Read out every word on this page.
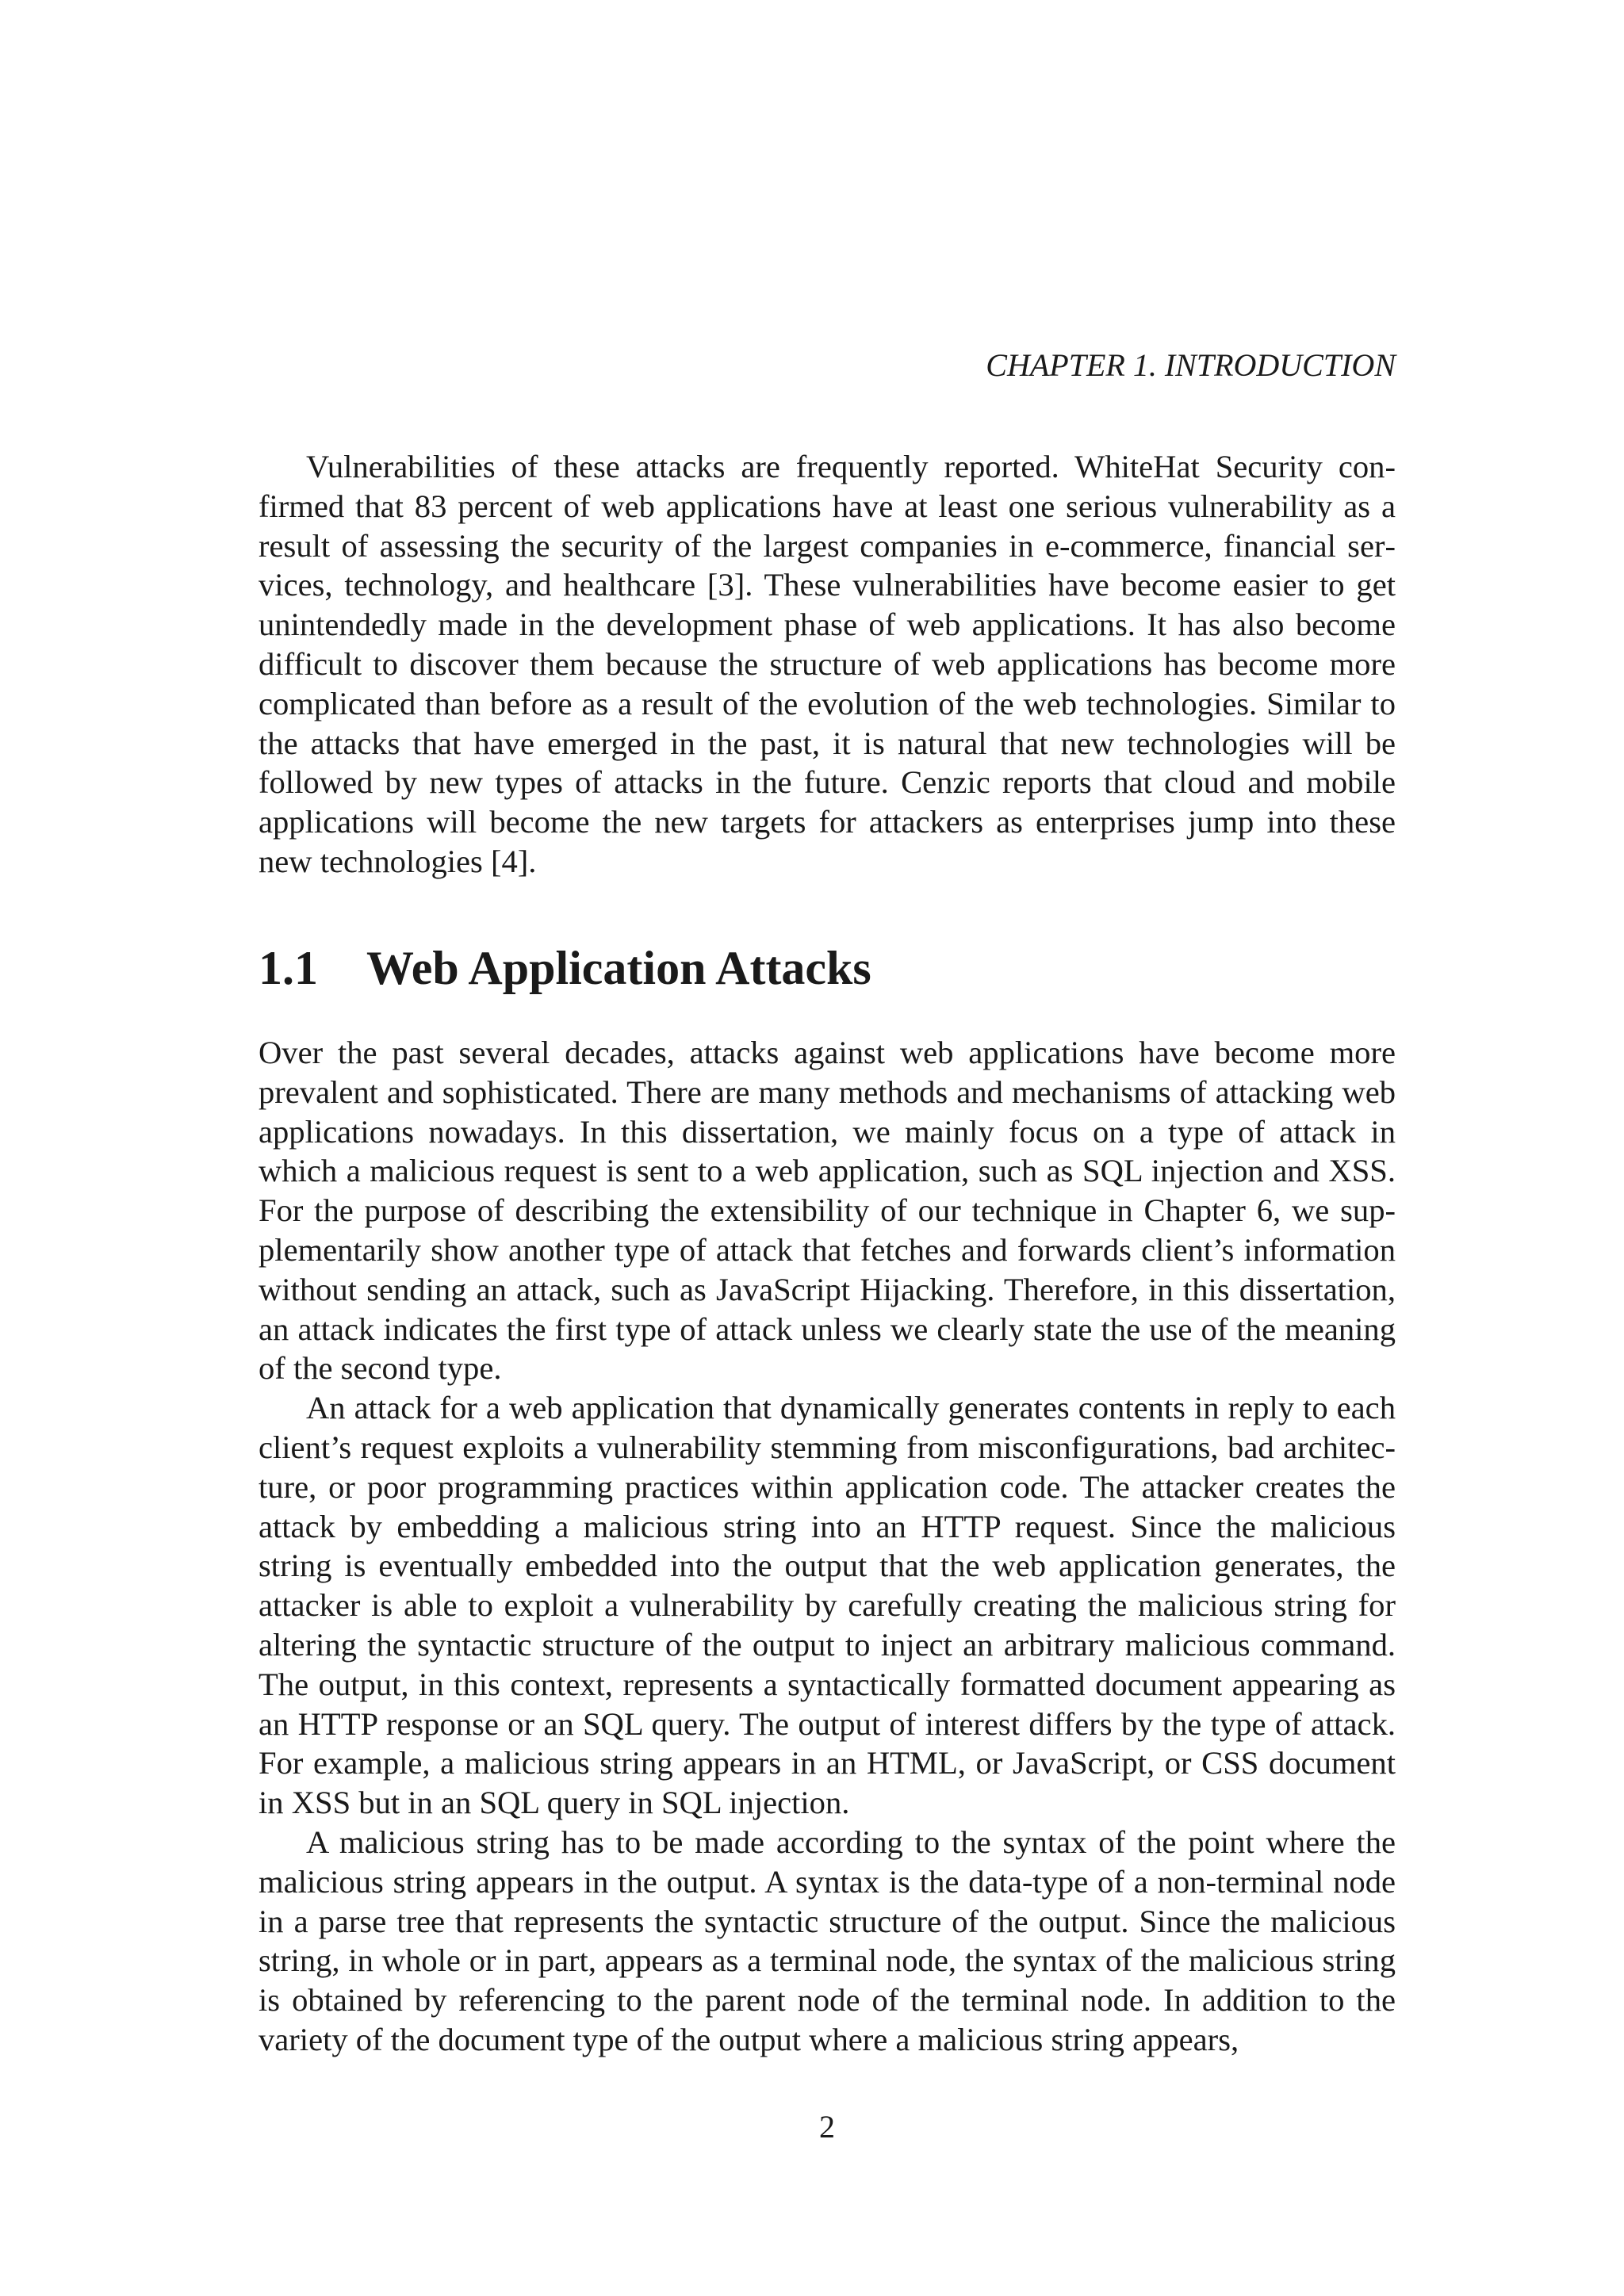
CHAPTER 1. INTRODUCTION

Vulnerabilities of these attacks are frequently reported. WhiteHat Security confirmed that 83 percent of web applications have at least one serious vulnerability as a result of assessing the security of the largest companies in e-commerce, financial services, technology, and healthcare [3]. These vulnerabilities have become easier to get unintendedly made in the development phase of web applications. It has also become difficult to discover them because the structure of web applications has become more complicated than before as a result of the evolution of the web technologies. Similar to the attacks that have emerged in the past, it is natural that new technologies will be followed by new types of attacks in the future. Cenzic reports that cloud and mobile applications will become the new targets for attackers as enterprises jump into these new technologies [4].

1.1 Web Application Attacks

Over the past several decades, attacks against web applications have become more prevalent and sophisticated. There are many methods and mechanisms of attacking web applications nowadays. In this dissertation, we mainly focus on a type of attack in which a malicious request is sent to a web application, such as SQL injection and XSS. For the purpose of describing the extensibility of our technique in Chapter 6, we supplementarily show another type of attack that fetches and forwards client’s information without sending an attack, such as JavaScript Hijacking. Therefore, in this dissertation, an attack indicates the first type of attack unless we clearly state the use of the meaning of the second type.

An attack for a web application that dynamically generates contents in reply to each client’s request exploits a vulnerability stemming from misconfigurations, bad architecture, or poor programming practices within application code. The attacker creates the attack by embedding a malicious string into an HTTP request. Since the malicious string is eventually embedded into the output that the web application generates, the attacker is able to exploit a vulnerability by carefully creating the malicious string for altering the syntactic structure of the output to inject an arbitrary malicious command. The output, in this context, represents a syntactically formatted document appearing as an HTTP response or an SQL query. The output of interest differs by the type of attack. For example, a malicious string appears in an HTML, or JavaScript, or CSS document in XSS but in an SQL query in SQL injection.

A malicious string has to be made according to the syntax of the point where the malicious string appears in the output. A syntax is the data-type of a non-terminal node in a parse tree that represents the syntactic structure of the output. Since the malicious string, in whole or in part, appears as a terminal node, the syntax of the malicious string is obtained by referencing to the parent node of the terminal node. In addition to the variety of the document type of the output where a malicious string appears,

2
